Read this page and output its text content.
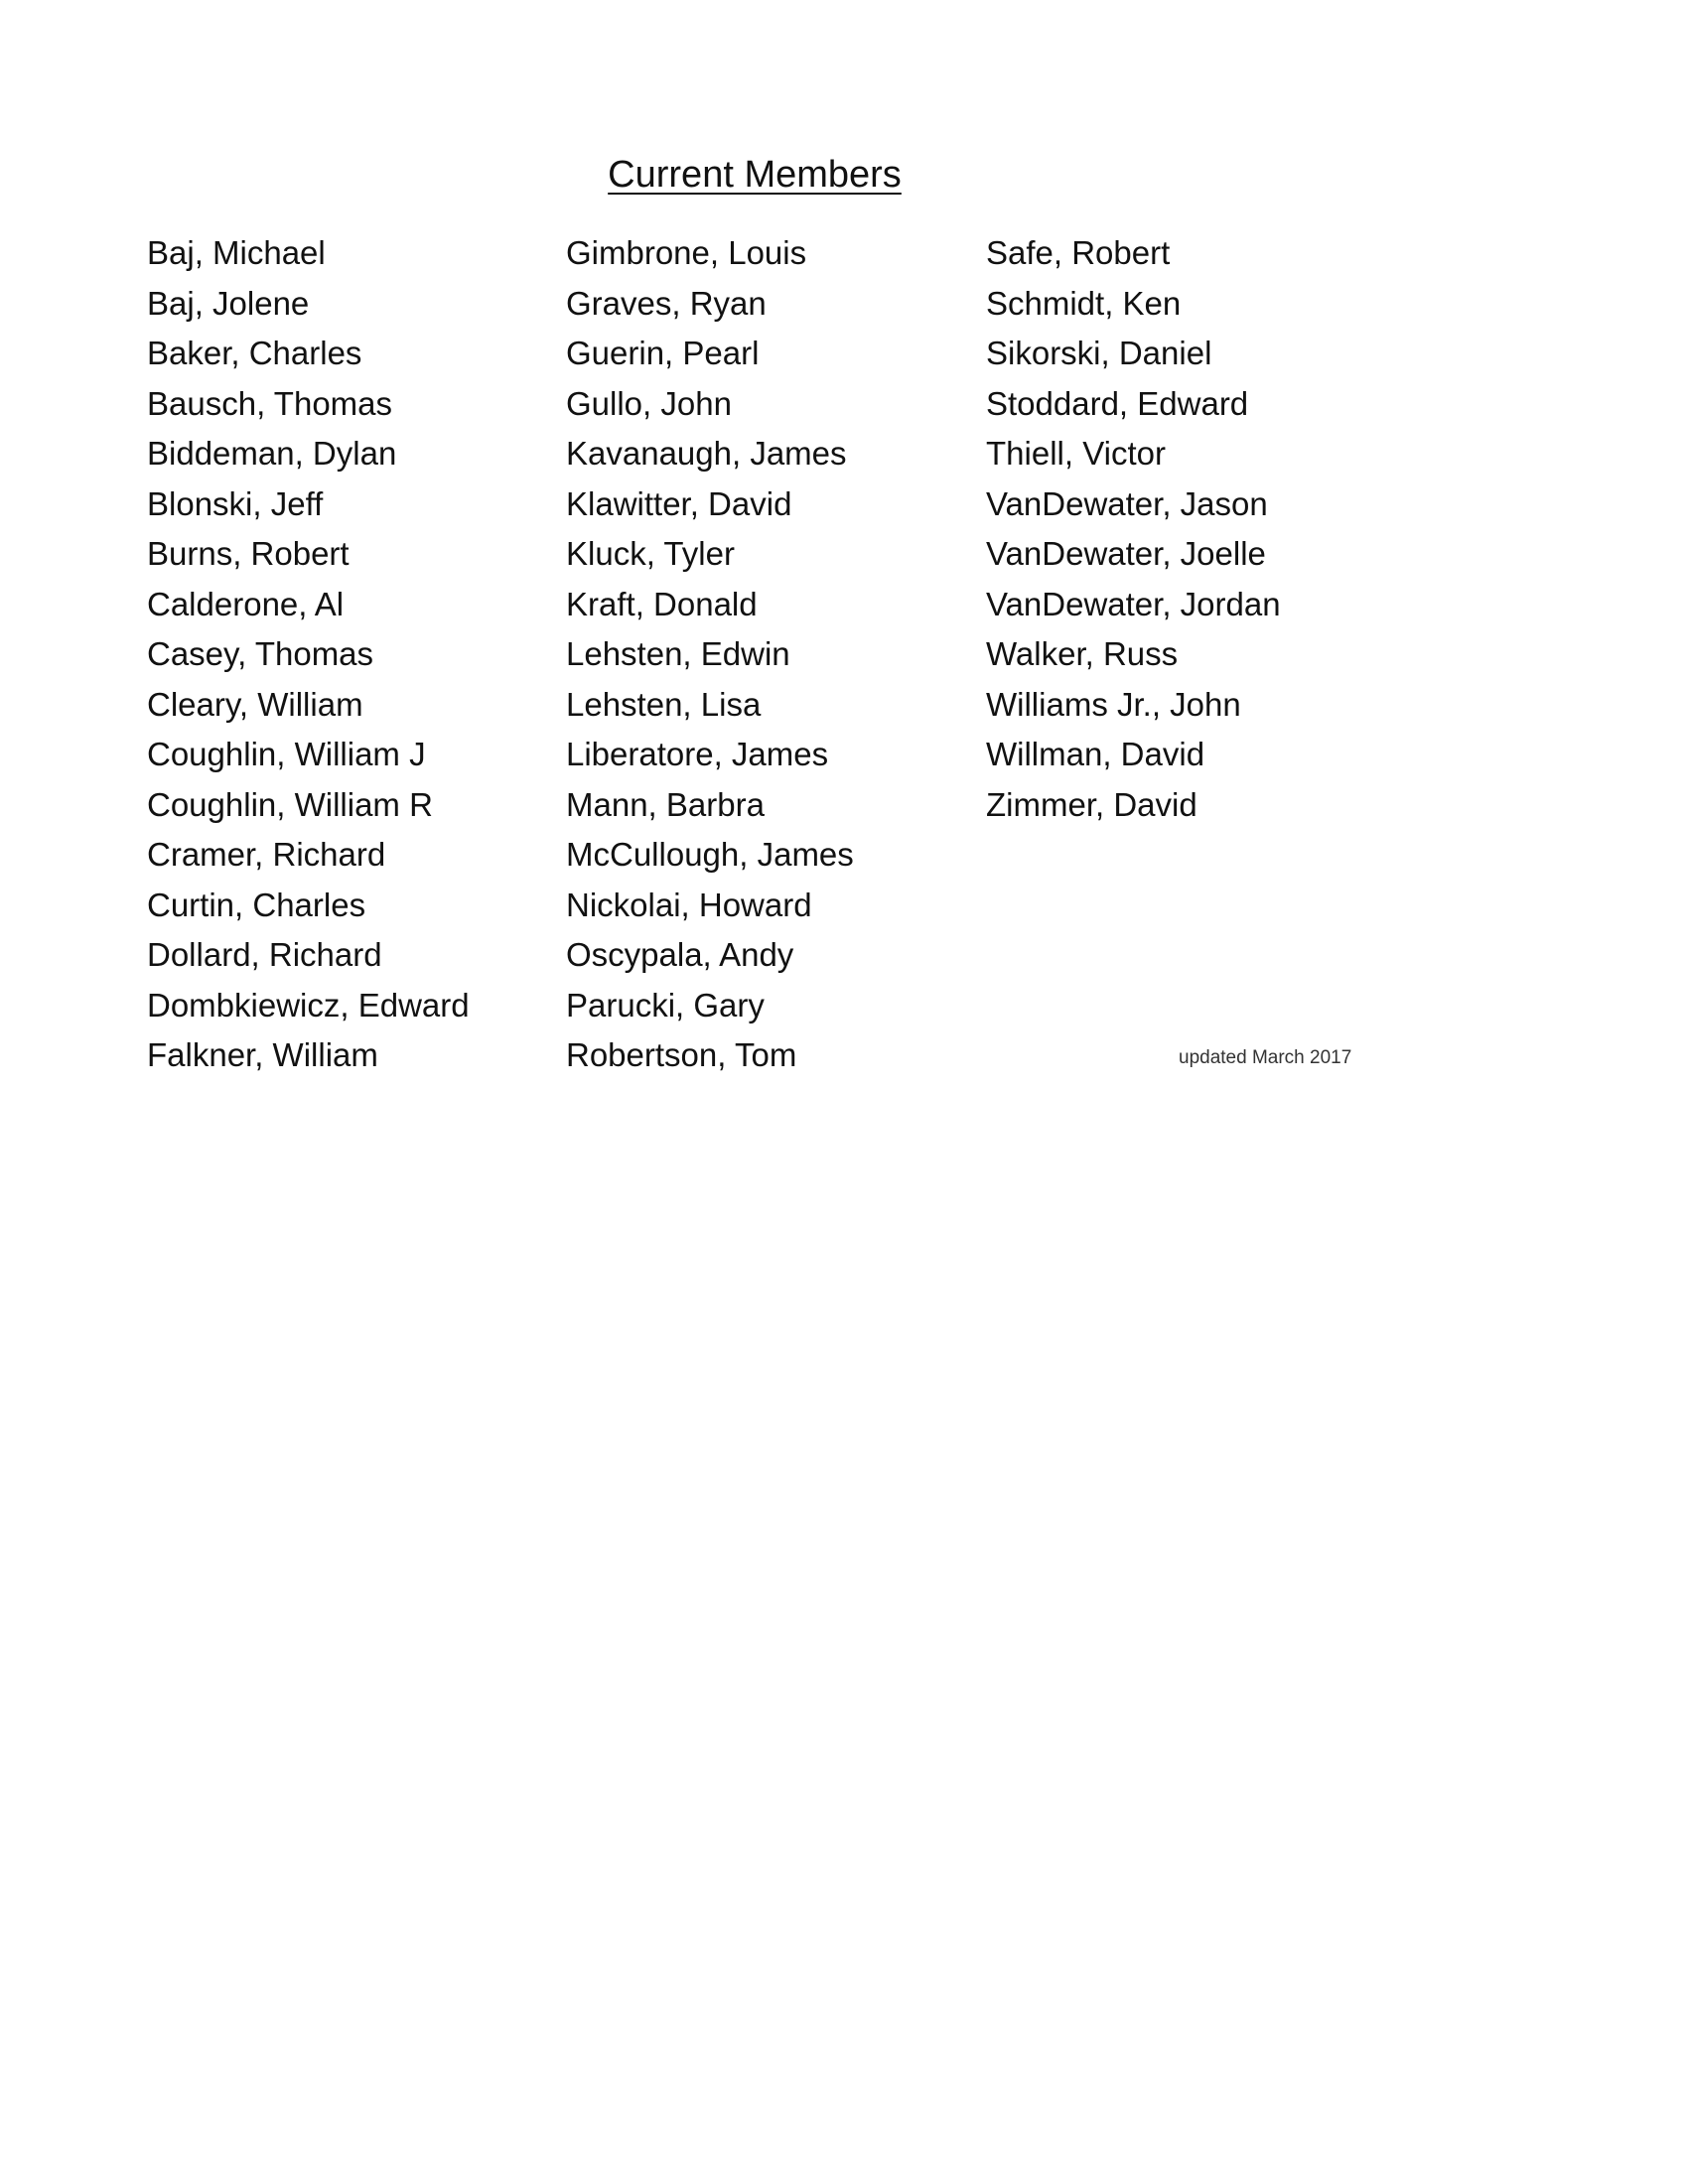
Current Members
Baj, Michael
Baj, Jolene
Baker, Charles
Bausch, Thomas
Biddeman, Dylan
Blonski, Jeff
Burns, Robert
Calderone, Al
Casey, Thomas
Cleary, William
Coughlin, William J
Coughlin, William R
Cramer, Richard
Curtin, Charles
Dollard, Richard
Dombkiewicz, Edward
Falkner, William
Gimbrone, Louis
Graves, Ryan
Guerin, Pearl
Gullo, John
Kavanaugh, James
Klawitter, David
Kluck, Tyler
Kraft, Donald
Lehsten, Edwin
Lehsten, Lisa
Liberatore, James
Mann, Barbra
McCullough, James
Nickolai, Howard
Oscypala, Andy
Parucki, Gary
Robertson, Tom
Safe, Robert
Schmidt, Ken
Sikorski, Daniel
Stoddard, Edward
Thiell, Victor
VanDewater, Jason
VanDewater, Joelle
VanDewater, Jordan
Walker, Russ
Williams Jr., John
Willman, David
Zimmer, David
updated March 2017
